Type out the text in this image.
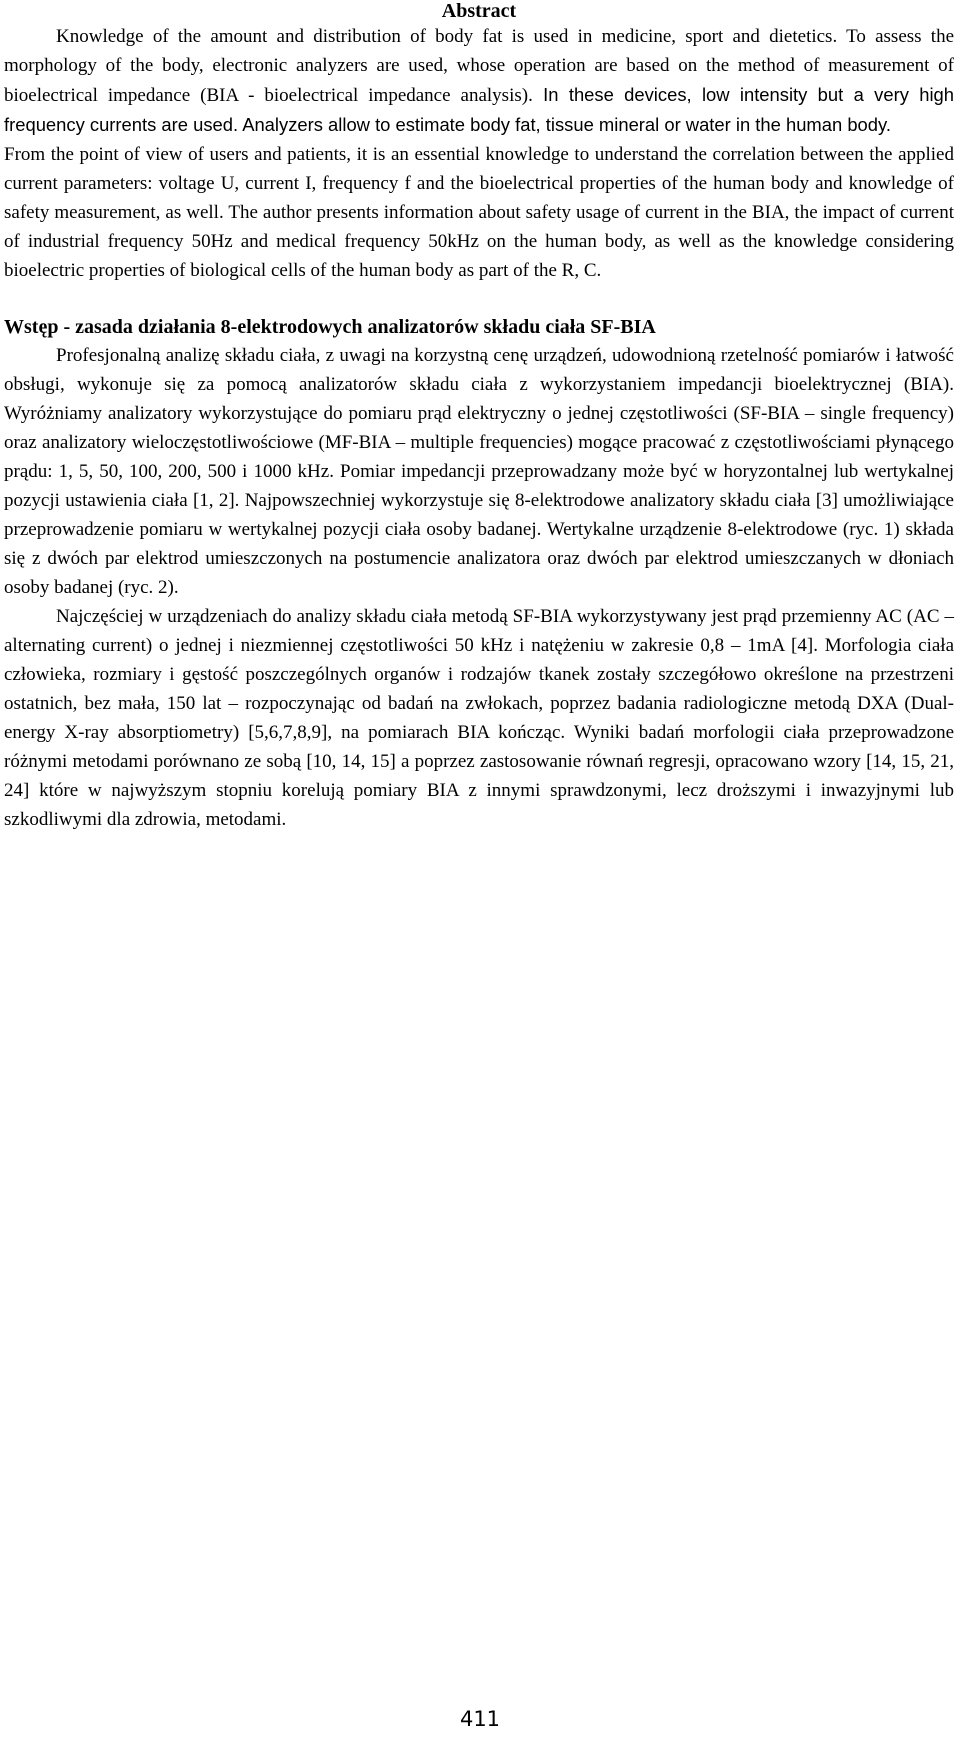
Abstract

Knowledge of the amount and distribution of body fat is used in medicine, sport and dietetics. To assess the morphology of the body, electronic analyzers are used, whose operation are based on the method of measurement of bioelectrical impedance (BIA - bioelectrical impedance analysis). In these devices, low intensity but a very high frequency currents are used. Analyzers allow to estimate body fat, tissue mineral or water in the human body.

From the point of view of users and patients, it is an essential knowledge to understand the correlation between the applied current parameters: voltage U, current I, frequency f and the bioelectrical properties of the human body and knowledge of safety measurement, as well. The author presents information about safety usage of current in the BIA, the impact of current of industrial frequency 50Hz and medical frequency 50kHz on the human body, as well as the knowledge considering bioelectric properties of biological cells of the human body as part of the R, C.

Wstęp - zasada działania 8-elektrodowych analizatorów składu ciała SF-BIA

Profesjonalną analizę składu ciała, z uwagi na korzystną cenę urządzeń, udowodnioną rzetelność pomiarów i łatwość obsługi, wykonuje się za pomocą analizatorów składu ciała z wykorzystaniem impedancji bioelektrycznej (BIA). Wyróżniamy analizatory wykorzystujące do pomiaru prąd elektryczny o jednej częstotliwości (SF-BIA – single frequency) oraz analizatory wieloczęstotliwościowe (MF-BIA – multiple frequencies) mogące pracować z częstotliwościami płynącego prądu: 1, 5, 50, 100, 200, 500 i 1000 kHz. Pomiar impedancji przeprowadzany może być w horyzontalnej lub wertykalnej pozycji ustawienia ciała [1, 2]. Najpowszechniej wykorzystuje się 8-elektrodowe analizatory składu ciała [3] umożliwiające przeprowadzenie pomiaru w wertykalnej pozycji ciała osoby badanej. Wertykalne urządzenie 8-elektrodowe (ryc. 1) składa się z dwóch par elektrod umieszczonych na postumencie analizatora oraz dwóch par elektrod umieszczanych w dłoniach osoby badanej (ryc. 2).

Najczęściej w urządzeniach do analizy składu ciała metodą SF-BIA wykorzystywany jest prąd przemienny AC (AC – alternating current) o jednej i niezmiennej częstotliwości 50 kHz i natężeniu w zakresie 0,8 – 1mA [4]. Morfologia ciała człowieka, rozmiary i gęstość poszczególnych organów i rodzajów tkanek zostały szczegółowo określone na przestrzeni ostatnich, bez mała, 150 lat – rozpoczynając od badań na zwłokach, poprzez badania radiologiczne metodą DXA (Dual-energy X-ray absorptiometry) [5,6,7,8,9], na pomiarach BIA kończąc. Wyniki badań morfologii ciała przeprowadzone różnymi metodami porównano ze sobą [10, 14, 15] a poprzez zastosowanie równań regresji, opracowano wzory [14, 15, 21, 24] które w najwyższym stopniu korelują pomiary BIA z innymi sprawdzonymi, lecz droższymi i inwazyjnymi lub szkodliwymi dla zdrowia, metodami.

411
